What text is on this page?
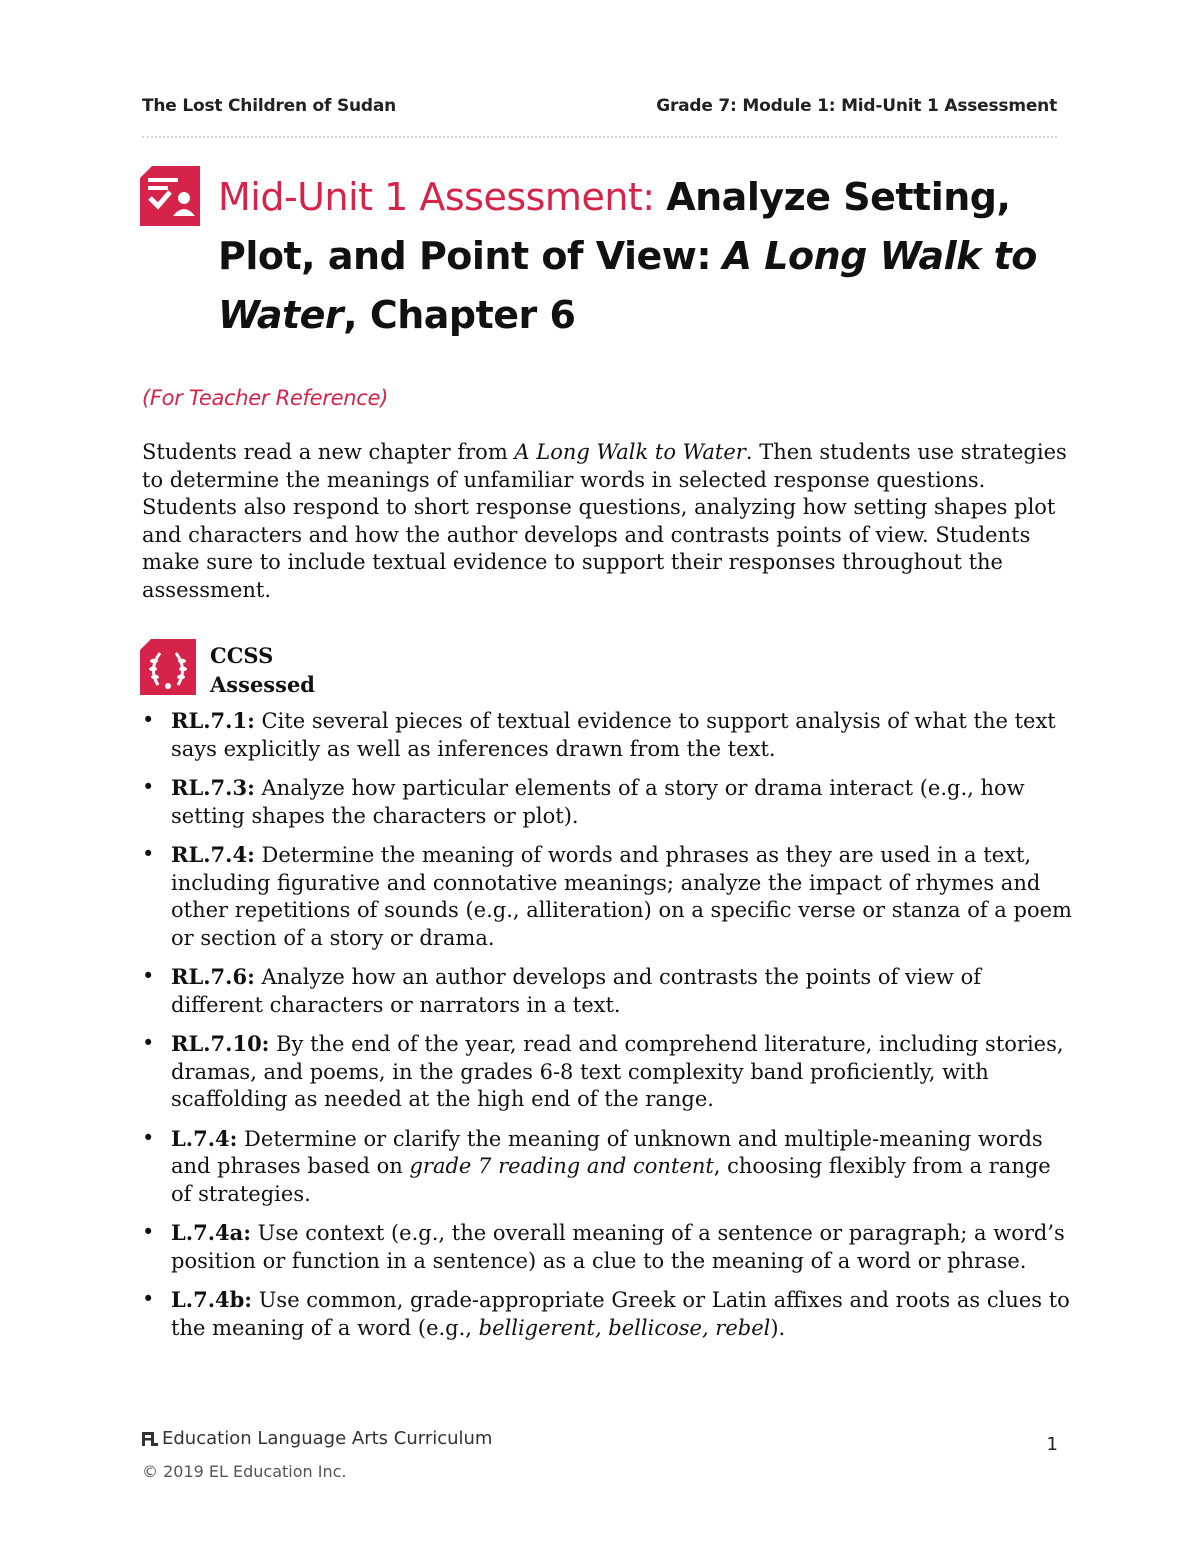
The Lost Children of Sudan	Grade 7: Module 1: Mid-Unit 1 Assessment
Mid-Unit 1 Assessment: Analyze Setting, Plot, and Point of View: A Long Walk to Water, Chapter 6
(For Teacher Reference)
Students read a new chapter from A Long Walk to Water. Then students use strategies to determine the meanings of unfamiliar words in selected response questions. Students also respond to short response questions, analyzing how setting shapes plot and characters and how the author develops and contrasts points of view. Students make sure to include textual evidence to support their responses throughout the assessment.
CCSS
Assessed
• RL.7.1: Cite several pieces of textual evidence to support analysis of what the text says explicitly as well as inferences drawn from the text.
• RL.7.3: Analyze how particular elements of a story or drama interact (e.g., how setting shapes the characters or plot).
• RL.7.4: Determine the meaning of words and phrases as they are used in a text, including figurative and connotative meanings; analyze the impact of rhymes and other repetitions of sounds (e.g., alliteration) on a specific verse or stanza of a poem or section of a story or drama.
• RL.7.6: Analyze how an author develops and contrasts the points of view of different characters or narrators in a text.
• RL.7.10: By the end of the year, read and comprehend literature, including stories, dramas, and poems, in the grades 6-8 text complexity band proficiently, with scaffolding as needed at the high end of the range.
• L.7.4: Determine or clarify the meaning of unknown and multiple-meaning words and phrases based on grade 7 reading and content, choosing flexibly from a range of strategies.
• L.7.4a: Use context (e.g., the overall meaning of a sentence or paragraph; a word’s position or function in a sentence) as a clue to the meaning of a word or phrase.
• L.7.4b: Use common, grade-appropriate Greek or Latin affixes and roots as clues to the meaning of a word (e.g., belligerent, bellicose, rebel).
Education Language Arts Curriculum
© 2019 EL Education Inc.
1
